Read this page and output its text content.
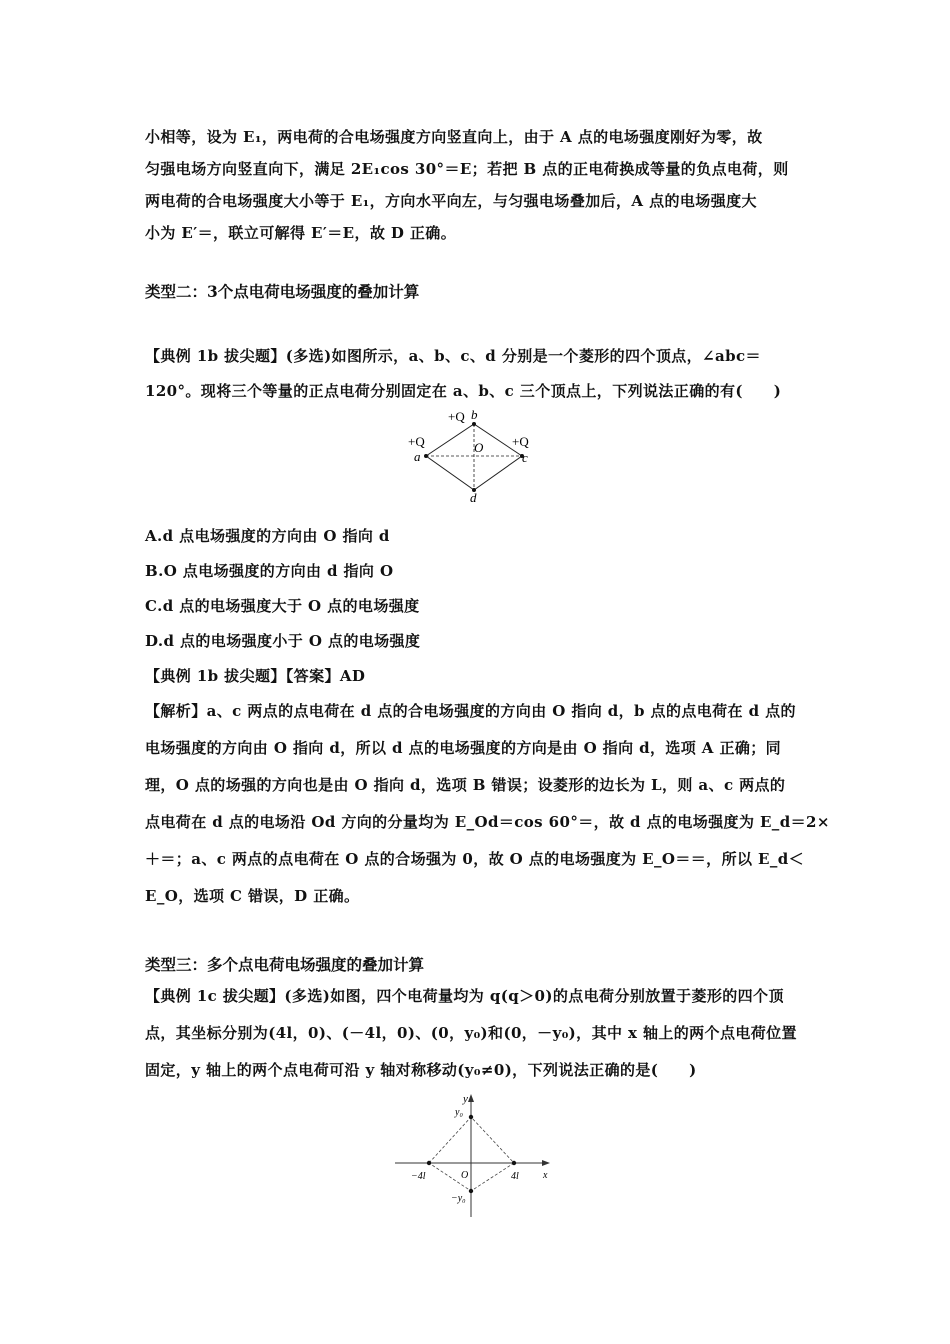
小相等，设为 E₁，两电荷的合电场强度方向竖直向上，由于 A 点的电场强度刚好为零，故
匀强电场方向竖直向下，满足 2E₁cos 30°＝E；若把 B 点的正电荷换成等量的负点电荷，则
两电荷的合电场强度大小等于 E₁，方向水平向左，与匀强电场叠加后，A 点的电场强度大
小为 E′＝，联立可解得 E′＝E，故 D 正确。
类型二：3个点电荷电场强度的叠加计算
【典例 1b 拔尖题】(多选)如图所示，a、b、c、d 分别是一个菱形的四个顶点，∠abc＝
120°。现将三个等量的正点电荷分别固定在 a、b、c 三个顶点上，下列说法正确的有(　　)
+Q b
+Q
a
+Q
c
O
d
A.d 点电场强度的方向由 O 指向 d
B.O 点电场强度的方向由 d 指向 O
C.d 点的电场强度大于 O 点的电场强度
D.d 点的电场强度小于 O 点的电场强度
【典例 1b 拔尖题】【答案】AD
【解析】a、c 两点的点电荷在 d 点的合电场强度的方向由 O 指向 d，b 点的点电荷在 d 点的
电场强度的方向由 O 指向 d，所以 d 点的电场强度的方向是由 O 指向 d，选项 A 正确；同
理，O 点的场强的方向也是由 O 指向 d，选项 B 错误；设菱形的边长为 L，则 a、c 两点的
点电荷在 d 点的电场沿 Od 方向的分量均为 E_Od＝cos 60°＝，故 d 点的电场强度为 E_d＝2×
＋＝；a、c 两点的点电荷在 O 点的合场强为 0，故 O 点的电场强度为 E_O＝＝，所以 E_d＜
E_O，选项 C 错误，D 正确。
类型三：多个点电荷电场强度的叠加计算
【典例 1c 拔尖题】(多选)如图，四个电荷量均为 q(q＞0)的点电荷分别放置于菱形的四个顶
点，其坐标分别为(4l，0)、(－4l，0)、(0，y₀)和(0，－y₀)，其中 x 轴上的两个点电荷位置
固定，y 轴上的两个点电荷可沿 y 轴对称移动(y₀≠0)，下列说法正确的是(　　)
y
y₀
−4l	O	4l x
−y₀
